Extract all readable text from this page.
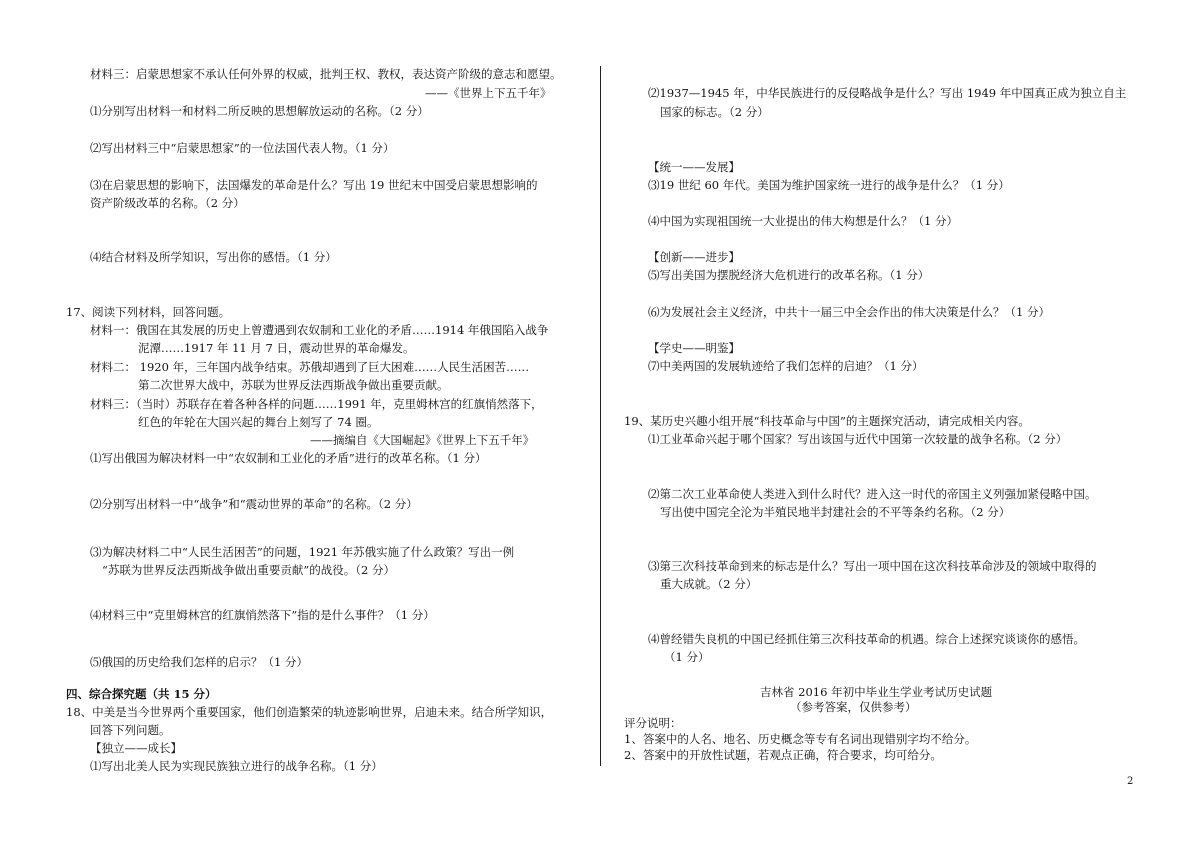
材料三：启蒙思想家不承认任何外界的权威，批判王权、教权，表达资产阶级的意志和愿望。
——《世界上下五千年》
⑴分别写出材料一和材料二所反映的思想解放运动的名称。（2 分）
⑵写出材料三中“启蒙思想家”的一位法国代表人物。（1 分）
⑶在启蒙思想的影响下，法国爆发的革命是什么？写出 19 世纪末中国受启蒙思想影响的
资产阶级改革的名称。（2 分）
⑷结合材料及所学知识，写出你的感悟。（1 分）
17、阅读下列材料，回答问题。
材料一：俄国在其发展的历史上曾遭遇到农奴制和工业化的矛盾……1914 年俄国陷入战争
泥潭……1917 年 11 月 7 日，震动世界的革命爆发。
材料二： 1920 年，三年国内战争结束。苏俄却遇到了巨大困难……人民生活困苦……
第二次世界大战中，苏联为世界反法西斯战争做出重要贡献。
材料三：（当时）苏联存在着各种各样的问题……1991 年，克里姆林宫的红旗悄然落下，
红色的年轮在大国兴起的舞台上刻写了 74 圈。
——摘编自《大国崛起》《世界上下五千年》
⑴写出俄国为解决材料一中“农奴制和工业化的矛盾”进行的改革名称。（1 分）
⑵分别写出材料一中“战争”和“震动世界的革命”的名称。（2 分）
⑶为解决材料二中“人民生活困苦”的问题，1921 年苏俄实施了什么政策？写出一例
“苏联为世界反法西斯战争做出重要贡献”的战役。（2 分）
⑷材料三中“克里姆林宫的红旗悄然落下”指的是什么事件？（1 分）
⑸俄国的历史给我们怎样的启示？（1 分）
四、综合探究题（共 15 分）
18、中美是当今世界两个重要国家，他们创造繁荣的轨迹影响世界，启迪未来。结合所学知识，
回答下列问题。
【独立——成长】
⑴写出北美人民为实现民族独立进行的战争名称。（1 分）
⑵1937—1945 年，中华民族进行的反侵略战争是什么？写出 1949 年中国真正成为独立自主
国家的标志。（2 分）
【统一——发展】
⑶19 世纪 60 年代。美国为维护国家统一进行的战争是什么？（1 分）
⑷中国为实现祖国统一大业提出的伟大构想是什么？（1 分）
【创新——进步】
⑸写出美国为摆脱经济大危机进行的改革名称。（1 分）
⑹为发展社会主义经济，中共十一届三中全会作出的伟大决策是什么？（1 分）
【学史——明鉴】
⑺中美两国的发展轨迹给了我们怎样的启迪？（1 分）
19、某历史兴趣小组开展“科技革命与中国”的主题探究活动，请完成相关内容。
⑴工业革命兴起于哪个国家？写出该国与近代中国第一次较量的战争名称。（2 分）
⑵第二次工业革命使人类进入到什么时代？进入这一时代的帝国主义列强加紧侵略中国。
写出使中国完全沦为半殖民地半封建社会的不平等条约名称。（2 分）
⑶第三次科技革命到来的标志是什么？写出一项中国在这次科技革命涉及的领域中取得的
重大成就。（2 分）
⑷曾经错失良机的中国已经抓住第三次科技革命的机遇。综合上述探究谈谈你的感悟。
（1 分）
吉林省 2016 年初中毕业生学业考试历史试题
（参考答案，仅供参考）
评分说明：
1、答案中的人名、地名、历史概念等专有名词出现错别字均不给分。
2、答案中的开放性试题，若观点正确，符合要求，均可给分。
2
